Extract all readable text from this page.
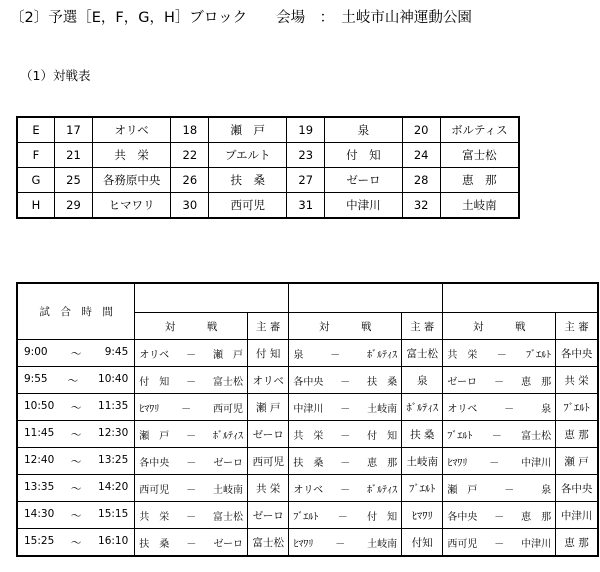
〔2〕予選［E，F，G，H］ブロック　　会場　：　土岐市山神運動公園
（1）対戦表
E	17	オリベ	18	瀬　戸	19	泉	20	ボルティス
F	21	共　栄	22	ブエルト	23	付　知	24	富士松
G	25	各務原中央	26	扶　桑	27	ゼーロ	28	恵　那
H	29	ヒマワリ	30	西可児	31	中津川	32	土岐南
試　合　時　間						
	対　　　戦	主 審	対　　　戦	主 審	対　　　戦	主 審

9:00 ～ 9:45	オリベ － 瀬　戸	付 知	泉 － ﾎﾞﾙﾃｨｽ	富士松	共　栄 － ﾌﾞｴﾙﾄ	各中央

9:55 ～ 10:40	付　知 － 富士松	オリベ	各中央 － 扶　桑	泉	ゼーロ － 恵　那	共 栄

10:50 ～ 11:35	ﾋﾏﾜﾘ － 西可児	瀬 戸	中津川 － 土岐南	ﾎﾞﾙﾃｨｽ	オリベ － 泉	ﾌﾞｴﾙﾄ

11:45 ～ 12:30	瀬　戸 － ﾎﾞﾙﾃｨｽ	ゼーロ	共　栄 － 付　知	扶 桑	ﾌﾞｴﾙﾄ － 富士松	恵 那

12:40 ～ 13:25	各中央 － ゼーロ	西可児	扶　桑 － 恵　那	土岐南	ﾋﾏﾜﾘ － 中津川	瀬 戸

13:35 ～ 14:20	西可児 － 土岐南	共 栄	オリベ － ﾎﾞﾙﾃｨｽ	ﾌﾞｴﾙﾄ	瀬　戸 － 泉	各中央

14:30 ～ 15:15	共　栄 － 富士松	ゼーロ	ﾌﾞｴﾙﾄ － 付　知	ﾋﾏﾜﾘ	各中央 － 恵　那	中津川

15:25 ～ 16:10	扶　桑 － ゼーロ	富士松	ﾋﾏﾜﾘ － 土岐南	付知	西可児 － 中津川	恵 那
